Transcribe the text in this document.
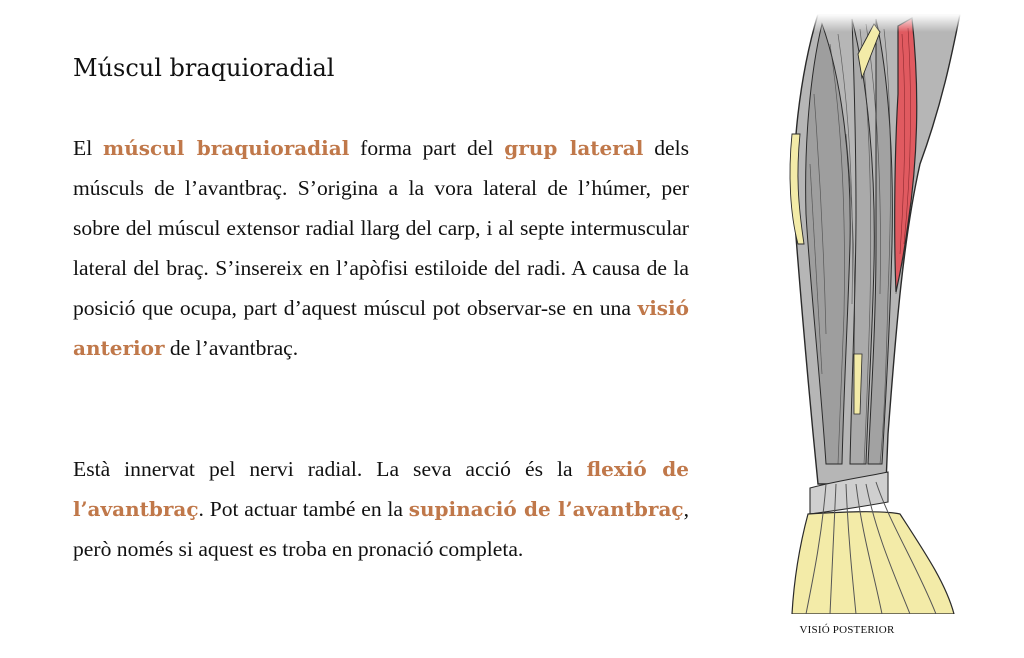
Múscul braquioradial

El múscul braquioradial forma part del grup lateral dels músculs de l’avantbraç. S’origina a la vora lateral de l’húmer, per sobre del múscul extensor radial llarg del carp, i al septe intermuscular lateral del braç. S’insereix en l’apòfisi estiloide del radi. A causa de la posició que ocupa, part d’aquest múscul pot observar-se en una visió anterior de l’avantbraç.

Està innervat pel nervi radial. La seva acció és la flexió de l’avantbraç. Pot actuar també en la supinació de l’avantbraç, però només si aquest es troba en pronació completa.

VISIÓ POSTERIOR
